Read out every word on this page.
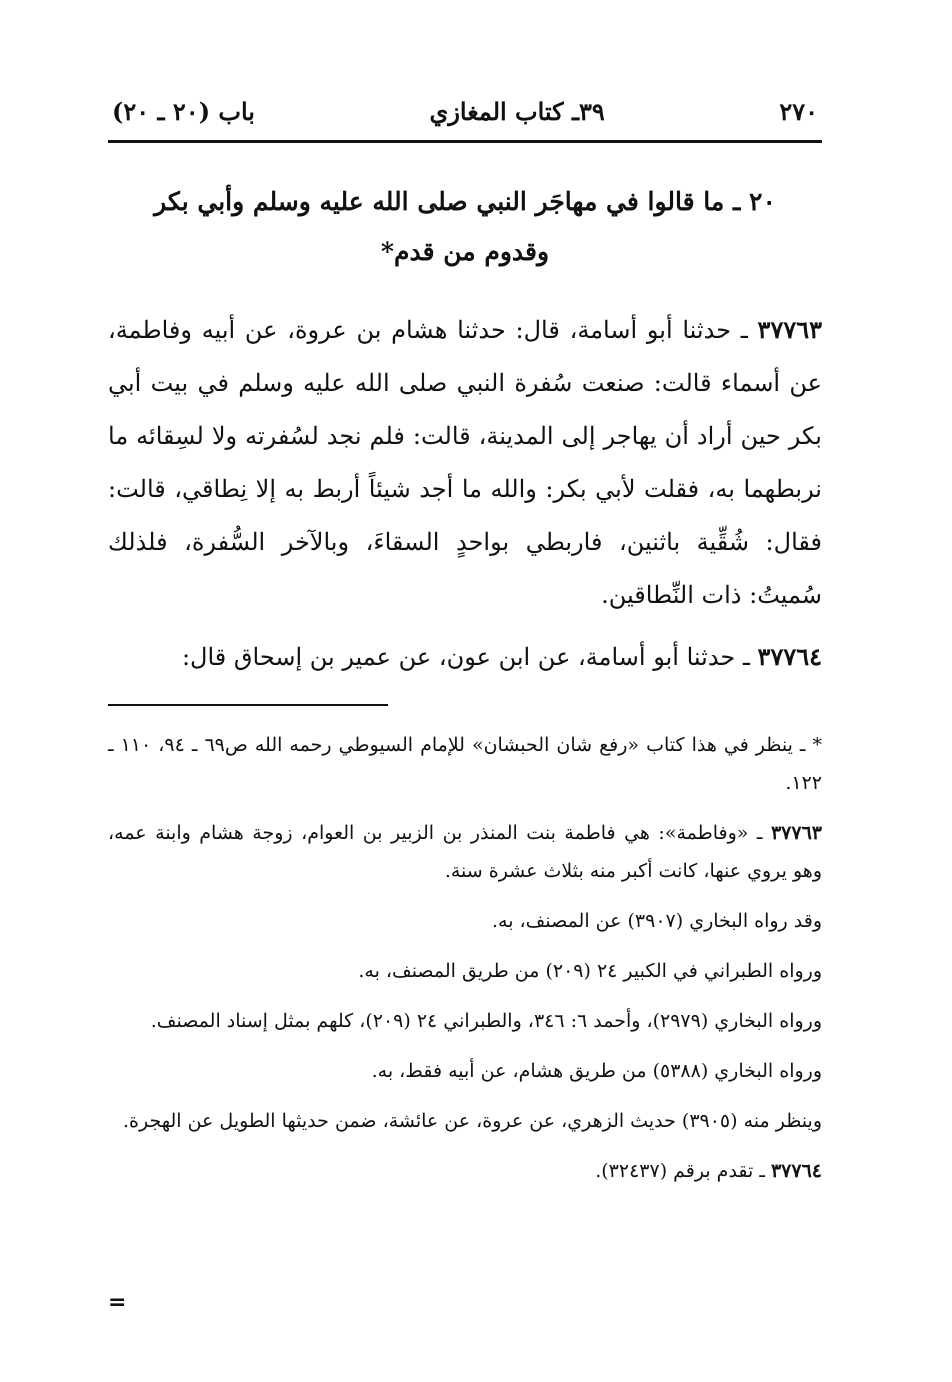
٢٧٠
٣٩ـ كتاب المغازي
باب (٢٠ ـ ٢٠)
٢٠ ـ ما قالوا في مهاجَر النبي صلى الله عليه وسلم وأبي بكر
وقدوم من قدم*
٣٧٧٦٣ ـ حدثنا أبو أسامة، قال: حدثنا هشام بن عروة، عن أبيه وفاطمة، عن أسماء قالت: صنعت سُفرة النبي صلى الله عليه وسلم في بيت أبي بكر حين أراد أن يهاجر إلى المدينة، قالت: فلم نجد لسُفرته ولا لسِقائه ما نربطهما به، فقلت لأبي بكر: والله ما أجد شيئاً أربط به إلا نِطاقي، قالت: فقال: شُقِّية باثنين، فاربطي بواحدٍ السقاءَ، وبالآخر السُّفرة، فلذلك سُميتُ: ذات النِّطاقين.
٣٧٧٦٤ ـ حدثنا أبو أسامة، عن ابن عون، عن عمير بن إسحاق قال:
* ـ ينظر في هذا كتاب «رفع شان الحبشان» للإمام السيوطي رحمه الله ص٦٩ ـ ٩٤، ١١٠ ـ ١٢٢.
٣٧٧٦٣ ـ «وفاطمة»: هي فاطمة بنت المنذر بن الزبير بن العوام، زوجة هشام وابنة عمه، وهو يروي عنها، كانت أكبر منه بثلاث عشرة سنة.
وقد رواه البخاري (٣٩٠٧) عن المصنف، به.
ورواه الطبراني في الكبير ٢٤ (٢٠٩) من طريق المصنف، به.
ورواه البخاري (٢٩٧٩)، وأحمد ٦: ٣٤٦، والطبراني ٢٤ (٢٠٩)، كلهم بمثل إسناد المصنف.
ورواه البخاري (٥٣٨٨) من طريق هشام، عن أبيه فقط، به.
وينظر منه (٣٩٠٥) حديث الزهري، عن عروة، عن عائشة، ضمن حديثها الطويل عن الهجرة.
٣٧٧٦٤ ـ تقدم برقم (٣٢٤٣٧).
=
